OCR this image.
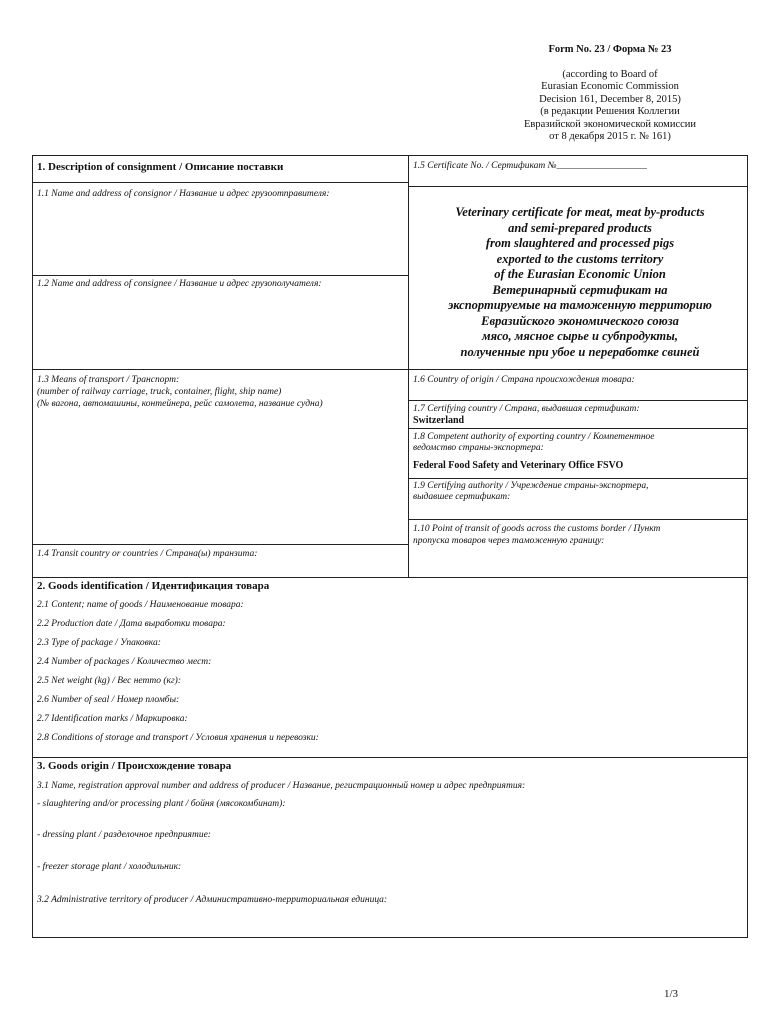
Form No. 23 / Форма № 23
(according to Board of
Eurasian Economic Commission
Decision 161, December 8, 2015)
(в редакции Решения Коллегии
Евразийской экономической комиссии
от 8 декабря 2015 г. № 161)
1. Description of consignment / Описание поставки
1.1 Name and address of consignor / Название и адрес грузоотправителя:
1.2 Name and address of consignee / Название и адрес грузополучателя:
1.3 Means of transport / Транспорт:
(number of railway carriage, truck, container, flight, ship name)
(№ вагона, автомашины, контейнера, рейс самолета, название судна)
1.4 Transit country or countries / Страна(ы) транзита:
1.5 Certificate No. / Сертификат №___________________
Veterinary certificate for meat, meat by-products
and semi-prepared products
from slaughtered and processed pigs
exported to the customs territory
of the Eurasian Economic Union
Ветеринарный сертификат на
экспортируемые на таможенную территорию
Евразийского экономического союза
мясо, мясное сырье и субпродукты,
полученные при убое и переработке свиней
1.6 Country of origin / Страна происхождения товара:
1.7 Certifying country / Страна, выдавшая сертификат:
Switzerland
1.8 Competent authority of exporting country / Компетентное
ведомство страны-экспортера:
Federal Food Safety and Veterinary Office FSVO
1.9 Certifying authority / Учреждение страны-экспортера,
выдавшее сертификат:
1.10 Point of transit of goods across the customs border / Пункт
пропуска товаров через таможенную границу:
2. Goods identification / Идентификация товара
2.1 Content; name of goods / Наименование товара:
2.2 Production date / Дата выработки товара:
2.3 Type of package / Упаковка:
2.4 Number of packages / Количество мест:
2.5 Net weight (kg) / Вес нетто (кг):
2.6 Number of seal / Номер пломбы:
2.7 Identification marks / Маркировка:
2.8 Conditions of storage and transport / Условия хранения и перевозки:
3. Goods origin / Происхождение товара
3.1 Name, registration approval number and address of producer / Название, регистрационный номер и адрес предприятия:
- slaughtering and/or processing plant / бойня (мясокомбинат):
- dressing plant / разделочное предприятие:
- freezer storage plant / холодильник:
3.2 Administrative territory of producer / Административно-территориальная единица:
1/3
